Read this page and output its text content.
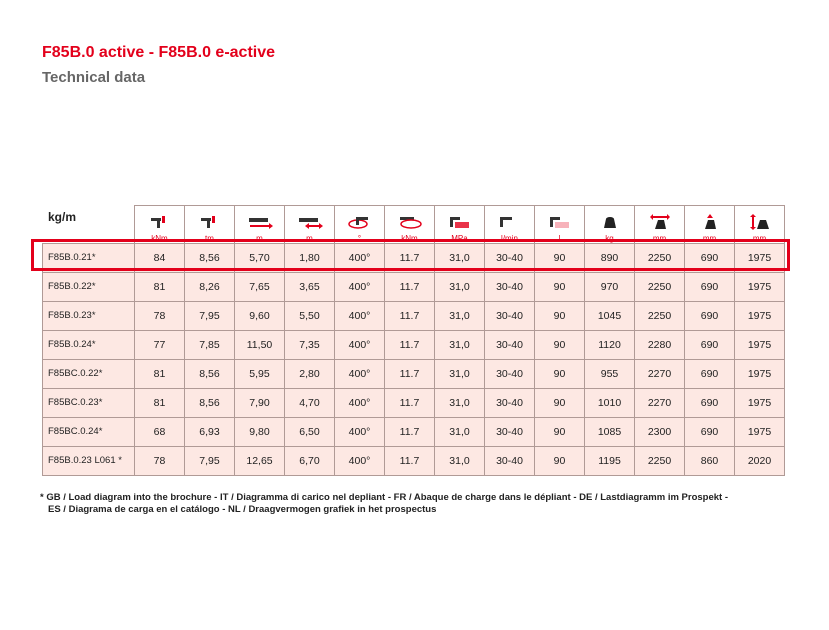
F85B.0 active - F85B.0 e-active
Technical data

	kNm	tm	m	m	°	kNm	MPa	l/min	l	kg	mm	mm	mm
F85B.0.21*	84	8,56	5,70	1,80	400°	11.7	31,0	30-40	90	890	2250	690	1975
F85B.0.22*	81	8,26	7,65	3,65	400°	11.7	31,0	30-40	90	970	2250	690	1975
F85B.0.23*	78	7,95	9,60	5,50	400°	11.7	31,0	30-40	90	1045	2250	690	1975
F85B.0.24*	77	7,85	11,50	7,35	400°	11.7	31,0	30-40	90	1120	2280	690	1975
F85BC.0.22*	81	8,56	5,95	2,80	400°	11.7	31,0	30-40	90	955	2270	690	1975
F85BC.0.23*	81	8,56	7,90	4,70	400°	11.7	31,0	30-40	90	1010	2270	690	1975
F85BC.0.24*	68	6,93	9,80	6,50	400°	11.7	31,0	30-40	90	1085	2300	690	1975
F85B.0.23 L061 *	78	7,95	12,65	6,70	400°	11.7	31,0	30-40	90	1195	2250	860	2020
kg/m
* GB / Load diagram into the brochure - IT / Diagramma di carico nel depliant - FR / Abaque de charge dans le dépliant - DE / Lastdiagramm im Prospekt -
ES / Diagrama de carga en el catálogo - NL / Draagvermogen grafiek in het prospectus
